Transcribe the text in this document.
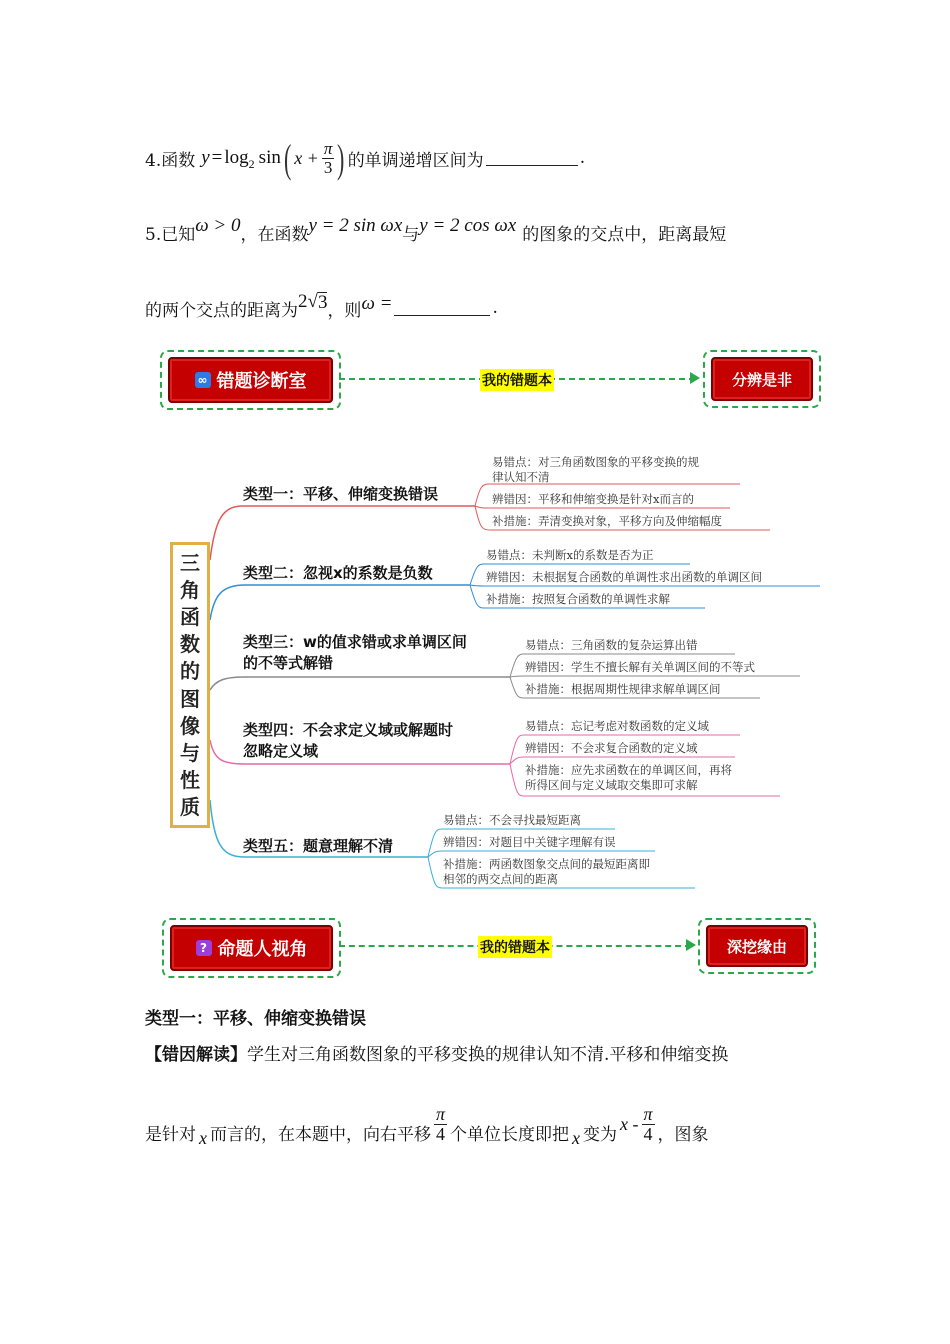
4.函数 $y = \log_2 \sin$ ( $x + \frac{\pi}{3}$ ) 的单调递增区间为	.
5.已知 ω > 0 ，在函数 y = 2 sin ωx 与 y = 2 cos ωx 的图象的交点中，距离最短
的两个交点的距离为 2 √ 3 ，则 ω =	.
∞ 错题诊断室	我的错题本	分辨是非
三
角
函
数
的
图
像
与
性
质
类型一：平移、伸缩变换错误
易错点：对三角函数图象的平移变换的规
律认知不清
辨错因：平移和伸缩变换是针对x而言的
补措施：弄清变换对象，平移方向及伸缩幅度
类型二：忽视x的系数是负数
易错点：未判断x的系数是否为正
辨错因：未根据复合函数的单调性求出函数的单调区间
补措施：按照复合函数的单调性求解
类型三：w的值求错或求单调区间
的不等式解错
易错点：三角函数的复杂运算出错
辨错因：学生不擅长解有关单调区间的不等式
补措施：根据周期性规律求解单调区间
类型四：不会求定义域或解题时
忽略定义域
易错点：忘记考虑对数函数的定义域
辨错因：不会求复合函数的定义域
补措施：应先求函数在的单调区间，再将
所得区间与定义域取交集即可求解
类型五：题意理解不清
易错点：不会寻找最短距离
辨错因：对题目中关键字理解有误
补措施：两函数图象交点间的最短距离即
相邻的两交点间的距离
? 命题人视角	我的错题本	深挖缘由
类型一：平移、伸缩变换错误
【错因解读】学生对三角函数图象的平移变换的规律认知不清.平移和伸缩变换
是针对 x 而言的，在本题中，向右平移 $\frac{\pi}{4}$ 个单位长度即把 x 变为
x - $\frac{\pi}{4}$ ，图象
